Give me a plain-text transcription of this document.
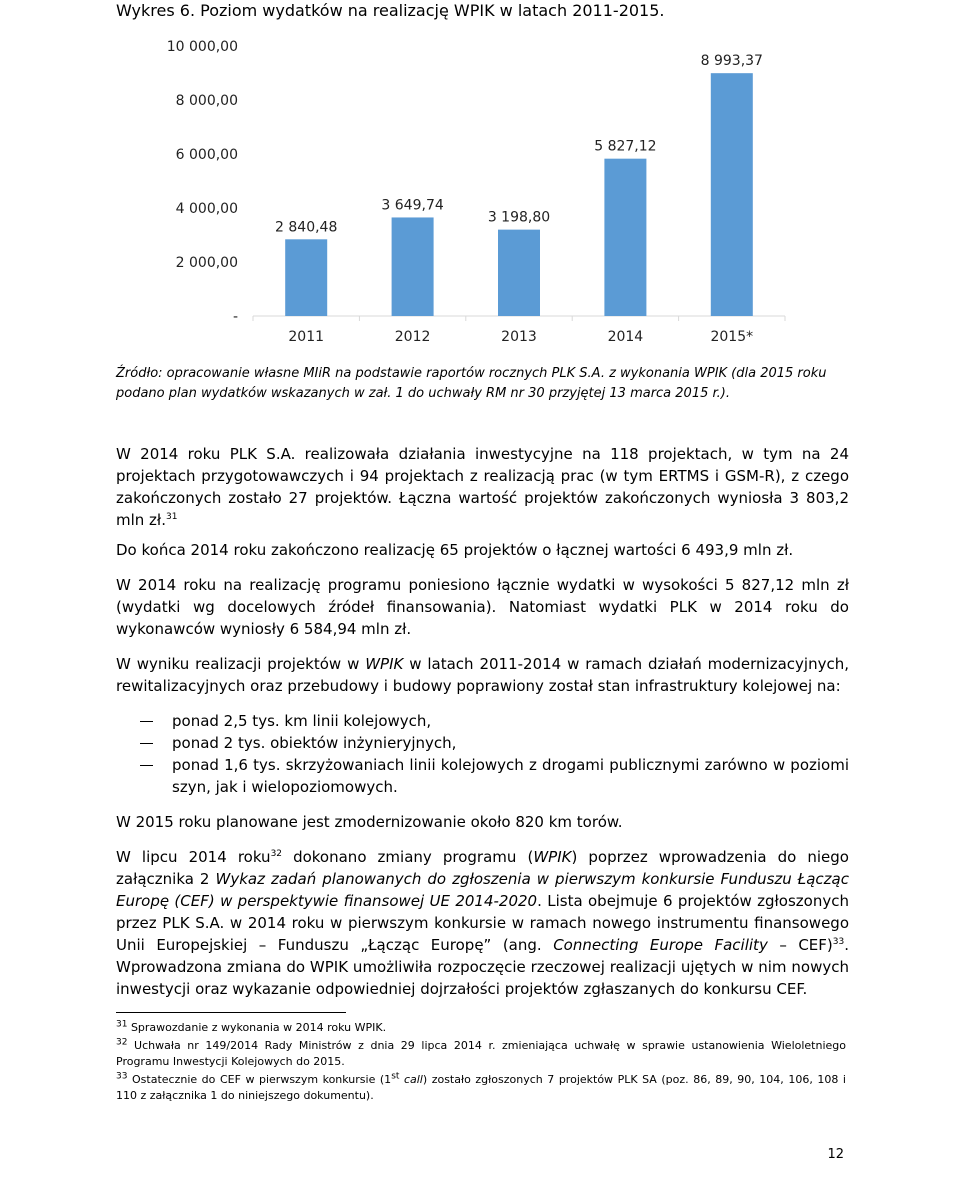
Wykres 6. Poziom wydatków na realizację WPIK w latach 2011-2015.
-
2 000,00
4 000,00
6 000,00
8 000,00
10 000,00
2 840,48
3 649,74
3 198,80
5 827,12
8 993,37
2011	2012	2013	2014	2015*
Źródło: opracowanie własne MIiR na podstawie raportów rocznych PLK S.A. z wykonania WPIK (dla 2015 roku podano plan wydatków wskazanych w zał. 1 do uchwały RM nr 30 przyjętej 13 marca 2015 r.).

W 2014 roku PLK S.A. realizowała działania inwestycyjne na 118 projektach, w tym na 24 projektach przygotowawczych i 94 projektach z realizacją prac (w tym ERTMS i GSM-R), z czego zakończonych zostało 27 projektów. Łączna wartość projektów zakończonych wyniosła 3 803,2 mln zł.$^{31}$

Do końca 2014 roku zakończono realizację 65 projektów o łącznej wartości 6 493,9 mln zł.

W 2014 roku na realizację programu poniesiono łącznie wydatki w wysokości 5 827,12 mln zł (wydatki wg docelowych źródeł finansowania). Natomiast wydatki PLK w 2014 roku do wykonawców wyniosły 6 584,94 mln zł.

W wyniku realizacji projektów w WPIK w latach 2011-2014 w ramach działań modernizacyjnych, rewitalizacyjnych oraz przebudowy i budowy poprawiony został stan infrastruktury kolejowej na:

ponad 2,5 tys. km linii kolejowych,
ponad 2 tys. obiektów inżynieryjnych,
ponad 1,6 tys. skrzyżowaniach linii kolejowych z drogami publicznymi zarówno w poziomi szyn, jak i wielopoziomowych.

W 2015 roku planowane jest zmodernizowanie około 820 km torów.

W lipcu 2014 roku$^{32}$ dokonano zmiany programu (WPIK) poprzez wprowadzenia do niego załącznika 2 Wykaz zadań planowanych do zgłoszenia w pierwszym konkursie Funduszu Łącząc Europę (CEF) w perspektywie finansowej UE 2014-2020. Lista obejmuje 6 projektów zgłoszonych przez PLK S.A. w 2014 roku w pierwszym konkursie w ramach nowego instrumentu finansowego Unii Europejskiej – Funduszu „Łącząc Europę” (ang. Connecting Europe Facility – CEF)$^{33}$. Wprowadzona zmiana do WPIK umożliwiła rozpoczęcie rzeczowej realizacji ujętych w nim nowych inwestycji oraz wykazanie odpowiedniej dojrzałości projektów zgłaszanych do konkursu CEF.

$^{31}$ Sprawozdanie z wykonania w 2014 roku WPIK.

$^{32}$ Uchwała nr 149/2014 Rady Ministrów z dnia 29 lipca 2014 r. zmieniająca uchwałę w sprawie ustanowienia Wieloletniego Programu Inwestycji Kolejowych do 2015.

$^{33}$ Ostatecznie do CEF w pierwszym konkursie (1st call) zostało zgłoszonych 7 projektów PLK SA (poz. 86, 89, 90, 104, 106, 108 i 110 z załącznika 1 do niniejszego dokumentu).

12
